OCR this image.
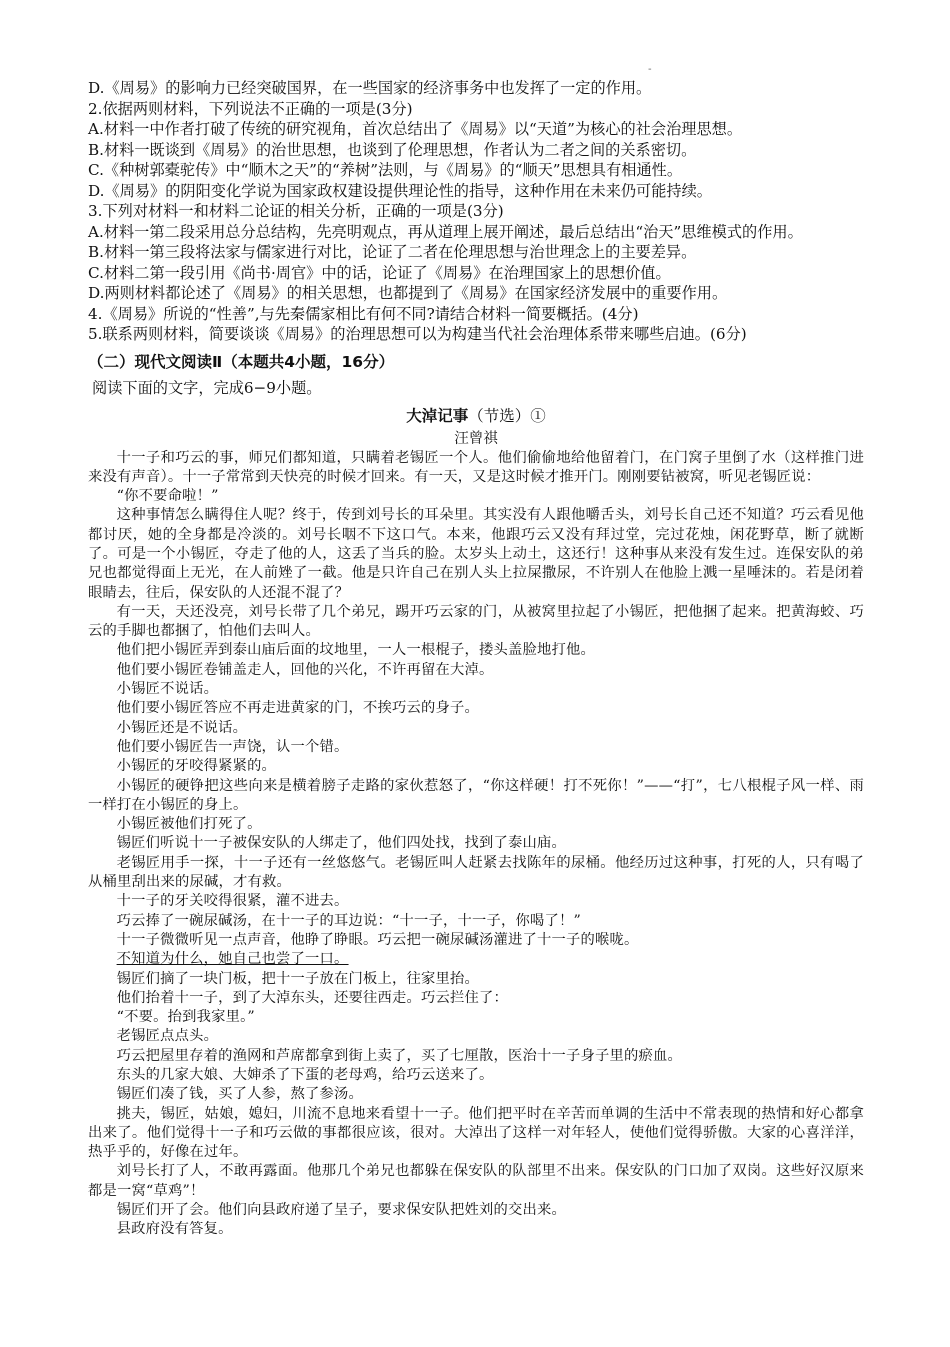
-

D.《周易》的影响力已经突破国界，在一些国家的经济事务中也发挥了一定的作用。

2.依据两则材料，下列说法不正确的一项是(3分)

A.材料一中作者打破了传统的研究视角，首次总结出了《周易》以“天道”为核心的社会治理思想。

B.材料一既谈到《周易》的治世思想，也谈到了伦理思想，作者认为二者之间的关系密切。

C.《种树郭橐驼传》中“顺木之天”的“养树”法则，与《周易》的“顺天”思想具有相通性。

D.《周易》的阴阳变化学说为国家政权建设提供理论性的指导，这种作用在未来仍可能持续。

3.下列对材料一和材料二论证的相关分析，正确的一项是(3分)

A.材料一第二段采用总分总结构，先亮明观点，再从道理上展开阐述，最后总结出“治天”思维模式的作用。

B.材料一第三段将法家与儒家进行对比，论证了二者在伦理思想与治世理念上的主要差异。

C.材料二第一段引用《尚书·周官》中的话，论证了《周易》在治理国家上的思想价值。

D.两则材料都论述了《周易》的相关思想，也都提到了《周易》在国家经济发展中的重要作用。

4.《周易》所说的“性善”,与先秦儒家相比有何不同?请结合材料一简要概括。(4分)

5.联系两则材料，简要谈谈《周易》的治理思想可以为构建当代社会治理体系带来哪些启迪。(6分)

（二）现代文阅读Ⅱ（本题共4小题，16分）
阅读下面的文字，完成6−9小题。
大淖记事（节选）①
汪曾祺

十一子和巧云的事，师兄们都知道，只瞒着老锡匠一个人。他们偷偷地给他留着门，在门窝子里倒了水（这样推门进来没有声音）。十一子常常到天快亮的时候才回来。有一天，又是这时候才推开门。刚刚要钻被窝，听见老锡匠说：

“你不要命啦！”

这种事情怎么瞒得住人呢？终于，传到刘号长的耳朵里。其实没有人跟他嚼舌头，刘号长自己还不知道？巧云看见他都讨厌，她的全身都是冷淡的。刘号长咽不下这口气。本来，他跟巧云又没有拜过堂，完过花烛，闲花野草，断了就断了。可是一个小锡匠，夺走了他的人，这丢了当兵的脸。太岁头上动土，这还行！这种事从来没有发生过。连保安队的弟兄也都觉得面上无光，在人前矬了一截。他是只许自己在别人头上拉屎撒尿，不许别人在他脸上溅一星唾沫的。若是闭着眼睛去，往后，保安队的人还混不混了？

有一天，天还没亮，刘号长带了几个弟兄，踢开巧云家的门，从被窝里拉起了小锡匠，把他捆了起来。把黄海蛟、巧云的手脚也都捆了，怕他们去叫人。

他们把小锡匠弄到泰山庙后面的坟地里，一人一根棍子，搂头盖脸地打他。

他们要小锡匠卷铺盖走人，回他的兴化，不许再留在大淖。

小锡匠不说话。

他们要小锡匠答应不再走进黄家的门，不挨巧云的身子。

小锡匠还是不说话。

他们要小锡匠告一声饶，认一个错。

小锡匠的牙咬得紧紧的。

小锡匠的硬铮把这些向来是横着膀子走路的家伙惹怒了，“你这样硬！打不死你！”——“打”，七八根棍子风一样、雨一样打在小锡匠的身上。

小锡匠被他们打死了。

锡匠们听说十一子被保安队的人绑走了，他们四处找，找到了泰山庙。

老锡匠用手一探，十一子还有一丝悠悠气。老锡匠叫人赶紧去找陈年的尿桶。他经历过这种事，打死的人，只有喝了从桶里刮出来的尿碱，才有救。

十一子的牙关咬得很紧，灌不进去。

巧云捧了一碗尿碱汤，在十一子的耳边说：“十一子，十一子，你喝了！”

十一子微微听见一点声音，他睁了睁眼。巧云把一碗尿碱汤灌进了十一子的喉咙。

不知道为什么，她自己也尝了一口。

锡匠们摘了一块门板，把十一子放在门板上，往家里抬。

他们抬着十一子，到了大淖东头，还要往西走。巧云拦住了：

“不要。抬到我家里。”

老锡匠点点头。

巧云把屋里存着的渔网和芦席都拿到街上卖了，买了七厘散，医治十一子身子里的瘀血。

东头的几家大娘、大婶杀了下蛋的老母鸡，给巧云送来了。

锡匠们凑了钱，买了人参，熬了参汤。

挑夫，锡匠，姑娘，媳妇，川流不息地来看望十一子。他们把平时在辛苦而单调的生活中不常表现的热情和好心都拿出来了。他们觉得十一子和巧云做的事都很应该，很对。大淖出了这样一对年轻人，使他们觉得骄傲。大家的心喜洋洋，热乎乎的，好像在过年。

刘号长打了人，不敢再露面。他那几个弟兄也都躲在保安队的队部里不出来。保安队的门口加了双岗。这些好汉原来都是一窝“草鸡”！

锡匠们开了会。他们向县政府递了呈子，要求保安队把姓刘的交出来。

县政府没有答复。
